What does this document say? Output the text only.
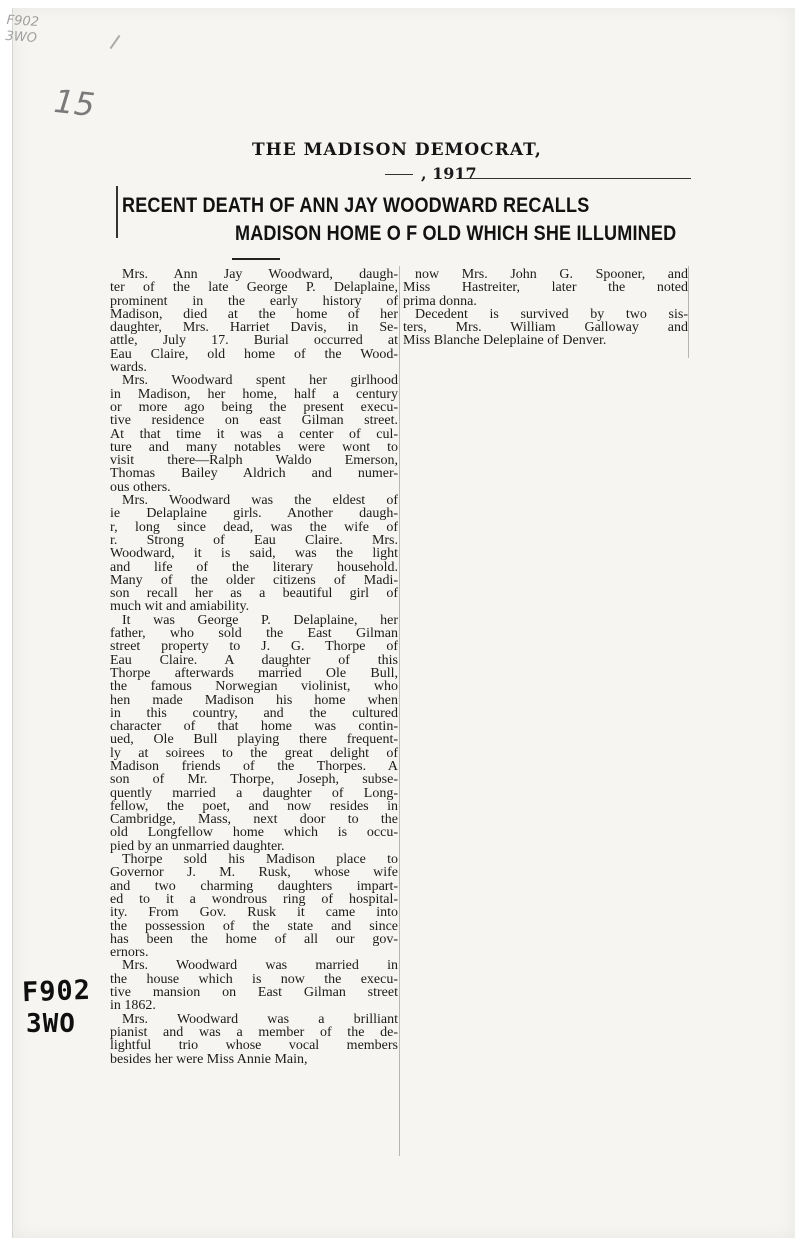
F902
3WO
15
THE MADISON DEMOCRAT,
, 1917
RECENT DEATH OF ANN JAY WOODWARD RECALLS
MADISON HOME O F OLD WHICH SHE ILLUMINED
Mrs. Ann Jay Woodward, daugh-
ter of the late George P. Delaplaine,
prominent in the early history of
Madison, died at the home of her
daughter, Mrs. Harriet Davis, in Se-
attle, July 17. Burial occurred at
Eau Claire, old home of the Wood-
wards.
Mrs. Woodward spent her girlhood
in Madison, her home, half a century
or more ago being the present execu-
tive residence on east Gilman street.
At that time it was a center of cul-
ture and many notables were wont to
visit there—Ralph Waldo Emerson,
Thomas Bailey Aldrich and numer-
ous others.
Mrs. Woodward was the eldest of
ie Delaplaine girls. Another daugh-
r, long since dead, was the wife of
r. Strong of Eau Claire. Mrs.
Woodward, it is said, was the light
and life of the literary household.
Many of the older citizens of Madi-
son recall her as a beautiful girl of
much wit and amiability.
It was George P. Delaplaine, her
father, who sold the East Gilman
street property to J. G. Thorpe of
Eau Claire. A daughter of this
Thorpe afterwards married Ole Bull,
the famous Norwegian violinist, who
hen made Madison his home when
in this country, and the cultured
character of that home was contin-
ued, Ole Bull playing there frequent-
ly at soirees to the great delight of
Madison friends of the Thorpes. A
son of Mr. Thorpe, Joseph, subse-
quently married a daughter of Long-
fellow, the poet, and now resides in
Cambridge, Mass, next door to the
old Longfellow home which is occu-
pied by an unmarried daughter.
Thorpe sold his Madison place to
Governor J. M. Rusk, whose wife
and two charming daughters impart-
ed to it a wondrous ring of hospital-
ity. From Gov. Rusk it came into
the possession of the state and since
has been the home of all our gov-
ernors.
Mrs. Woodward was married in
the house which is now the execu-
tive mansion on East Gilman street
in 1862.
Mrs. Woodward was a brilliant
pianist and was a member of the de-
lightful trio whose vocal members
besides her were Miss Annie Main,
now Mrs. John G. Spooner, and
Miss Hastreiter, later the noted
prima donna.
Decedent is survived by two sis-
ters, Mrs. William Galloway and
Miss Blanche Deleplaine of Denver.
F902
3WO
